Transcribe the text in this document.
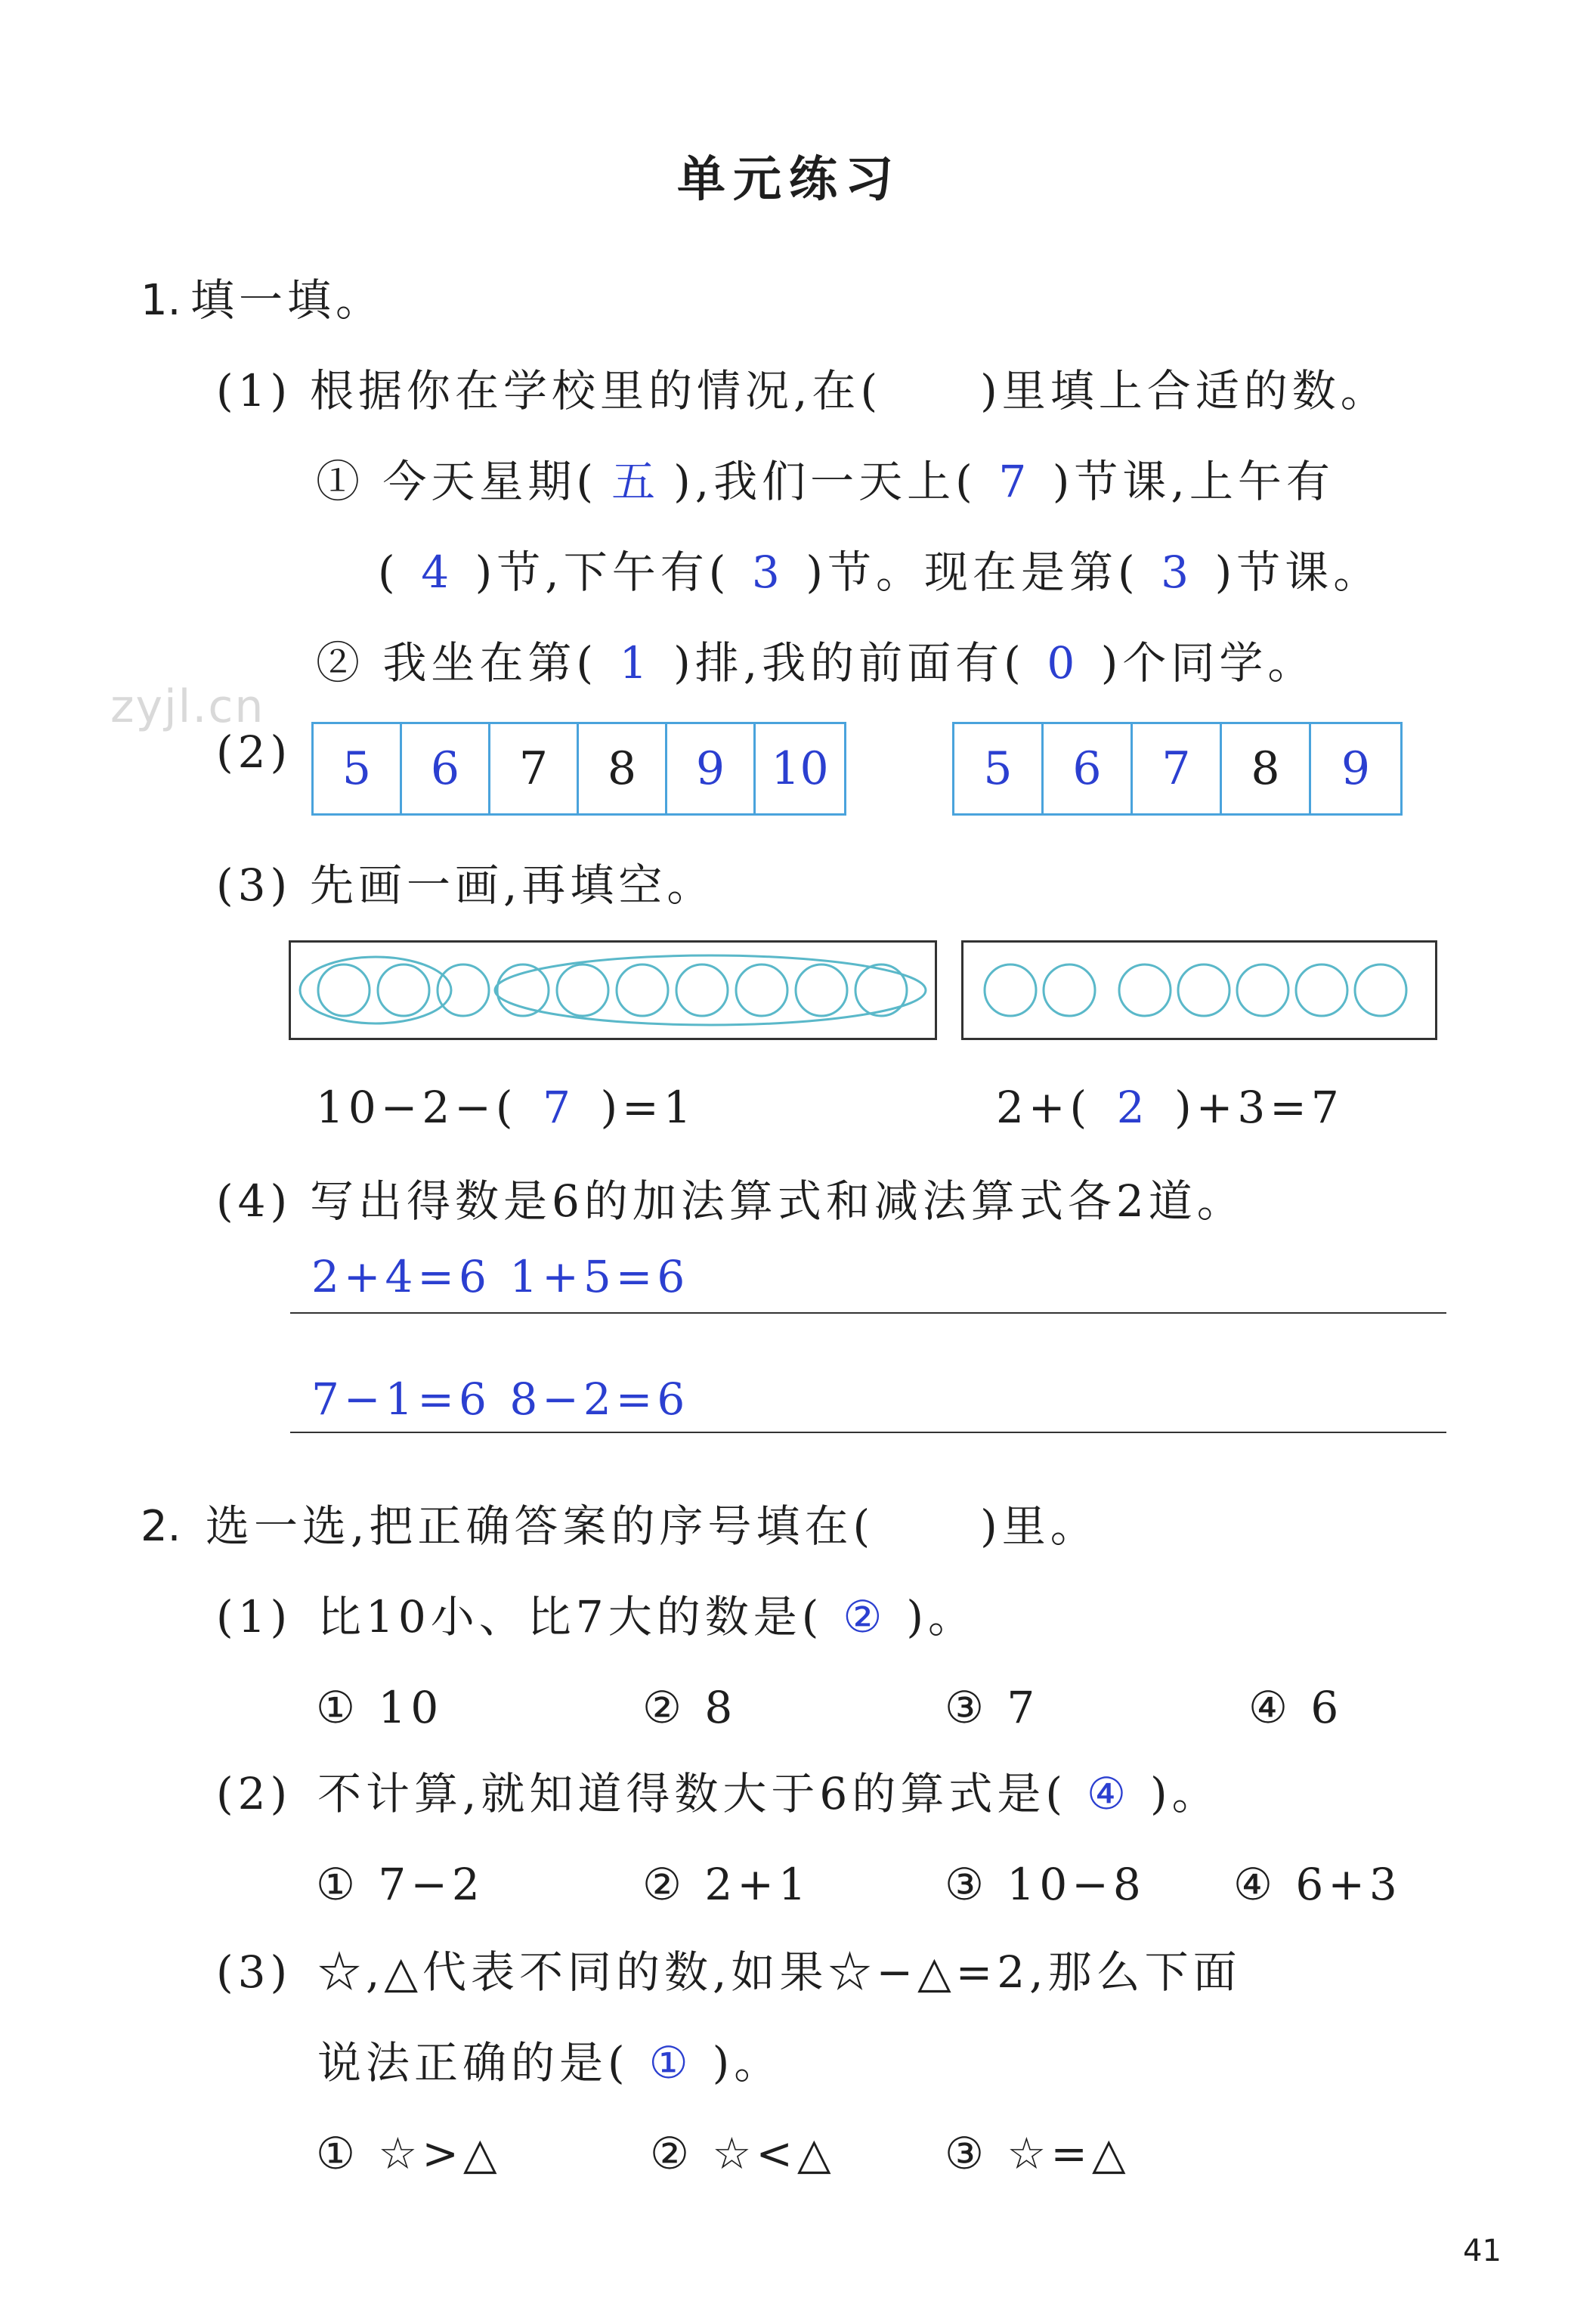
单元练习
1. 填一填。
(1) 根据你在学校里的情况,在( )里填上合适的数。
① 今天星期( 五 ),我们一天上( 7 )节课,上午有
( 4 )节,下午有( 3 )节。现在是第( 3 )节课。
② 我坐在第( 1 )排,我的前面有( 0 )个同学。
zyjl.cn
(2)	5	6	7	8	9	10	5	6	7	8	9
(3) 先画一画,再填空。
10−2−( 7 )=1	2+( 2 )+3=7
(4) 写出得数是6的加法算式和减法算式各2道。
2+4=6 1+5=6
7−1=6 8−2=6
2. 选一选,把正确答案的序号填在( )里。
(1) 比10小、比7大的数是( ② )。
① 10	② 8	③ 7	④ 6
(2) 不计算,就知道得数大于6的算式是( ④ )。
① 7−2	② 2+1	③ 10−8 ④ 6+3
(3) ☆,△代表不同的数,如果☆−△=2,那么下面
说法正确的是( ① )。
① ☆>△	② ☆<△ ③ ☆=△
41
